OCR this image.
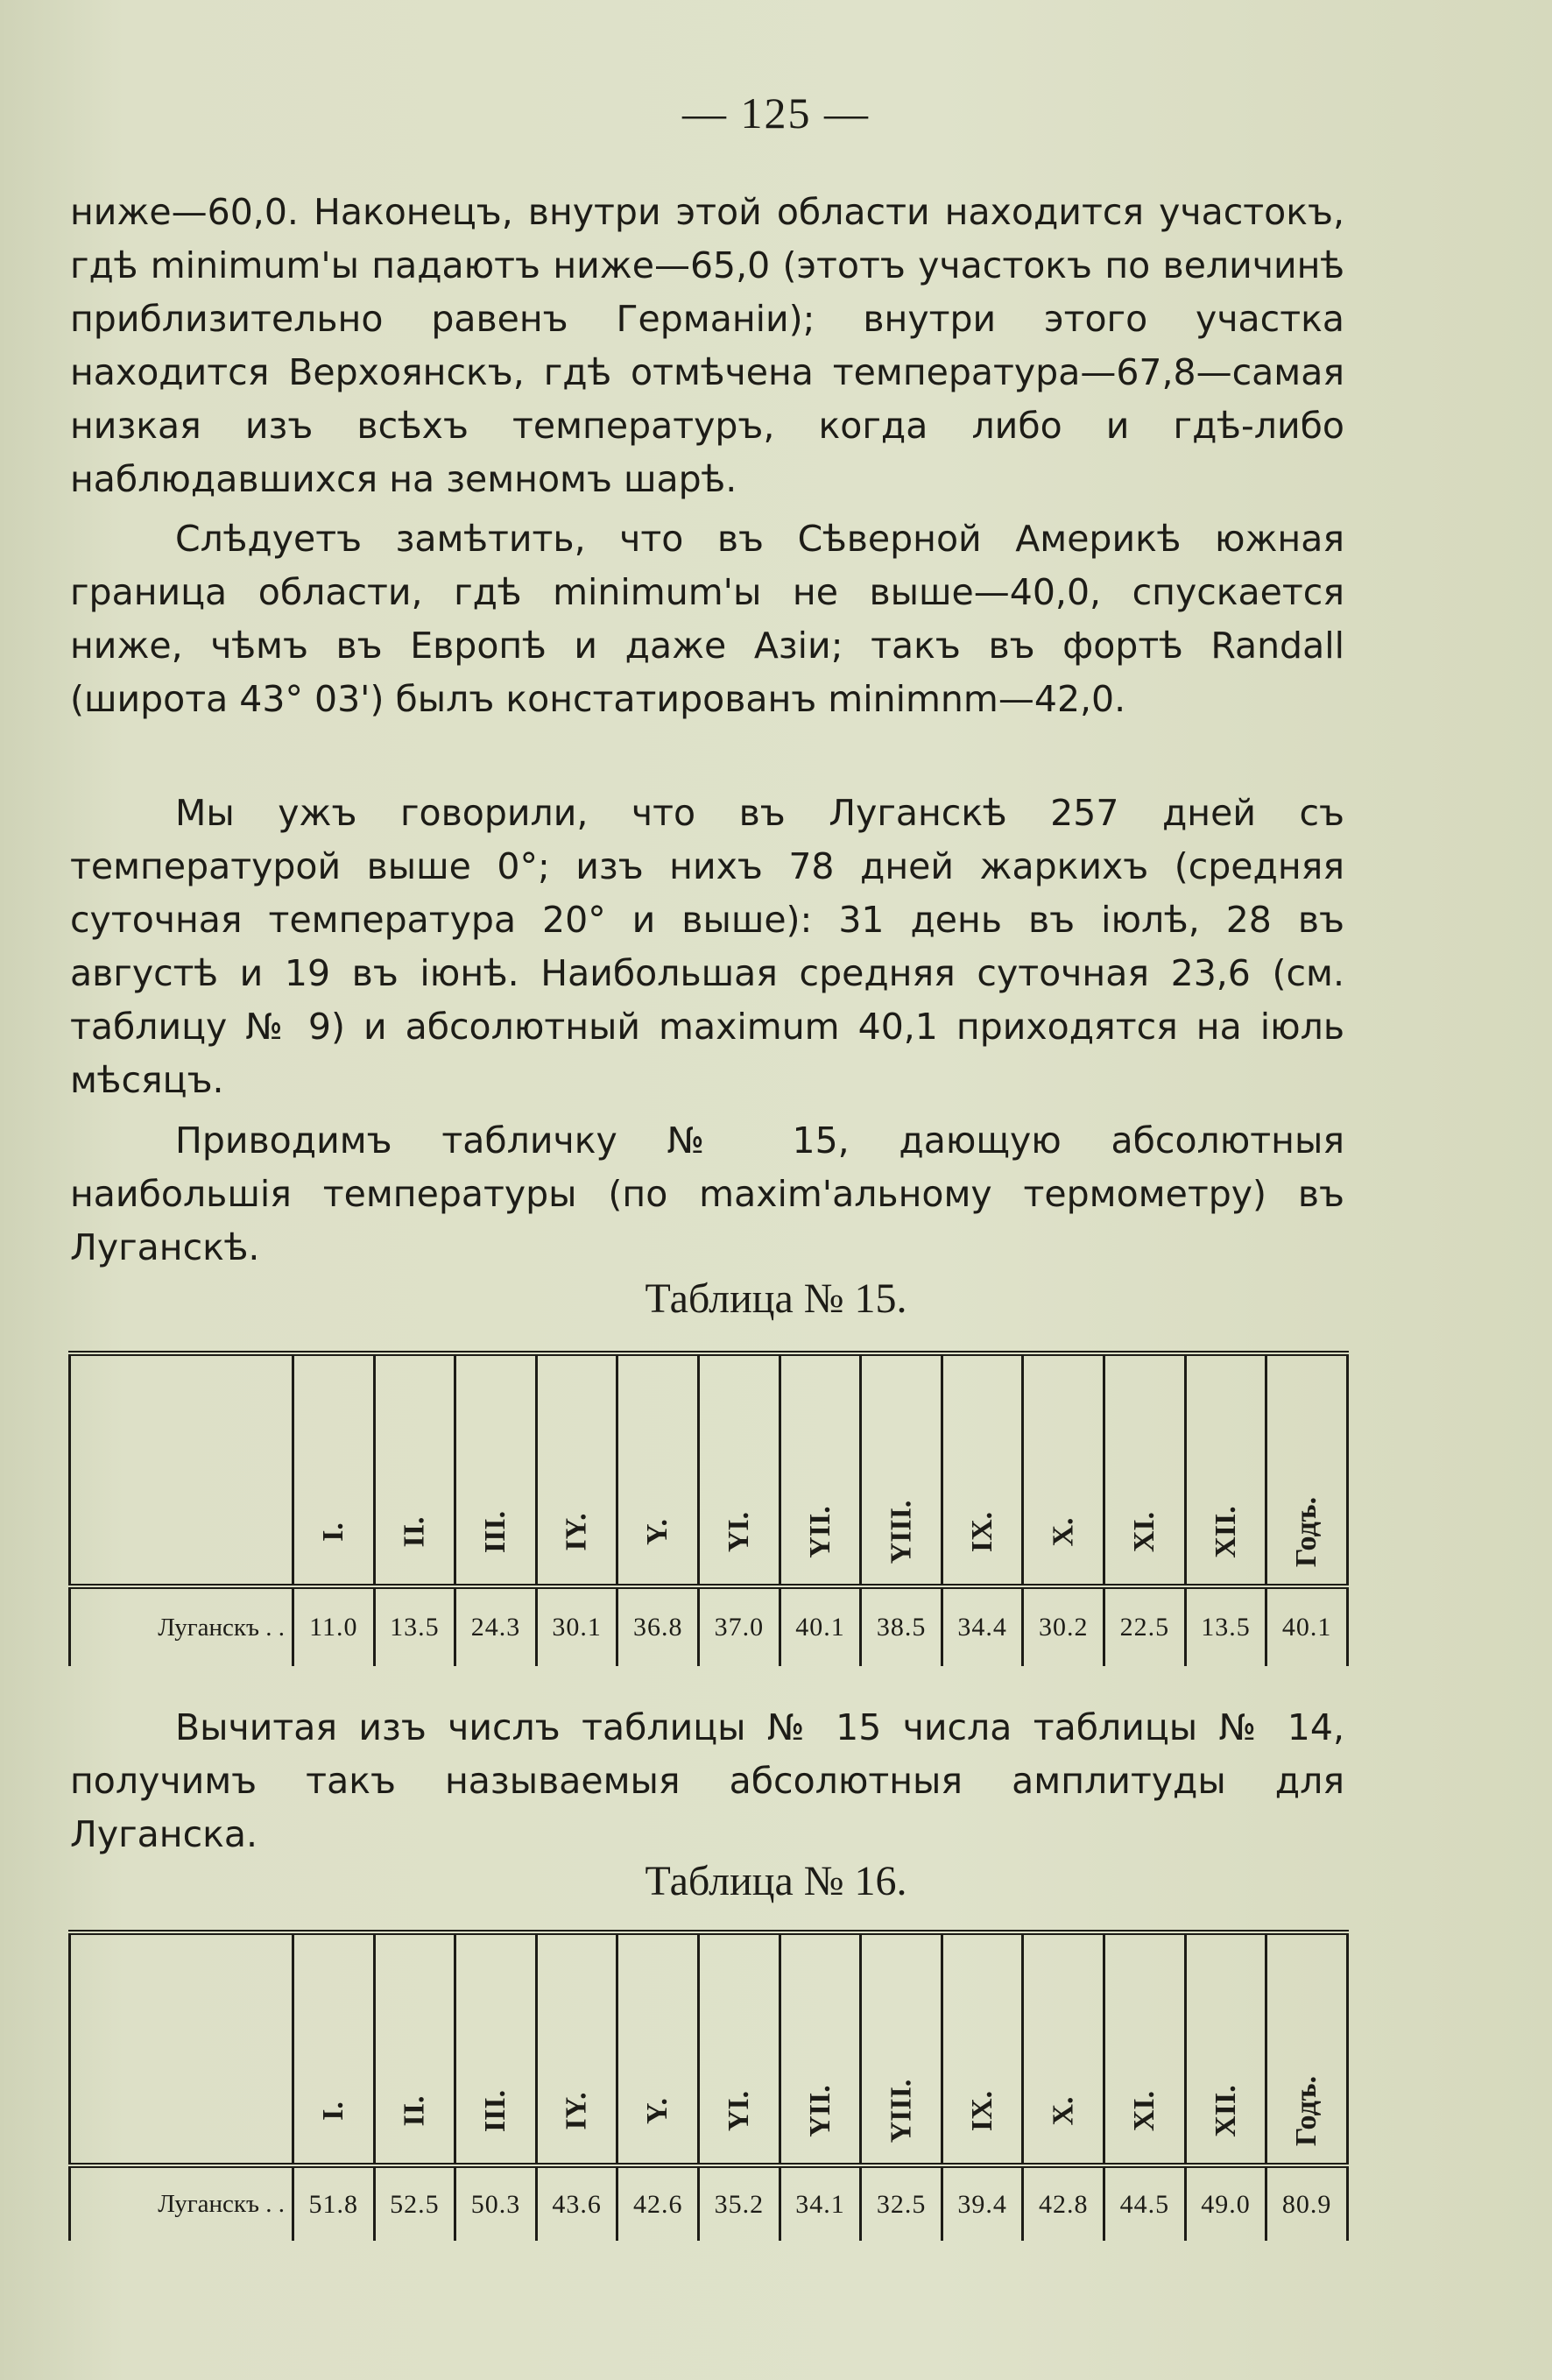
— 125 —

ниже—60,0. Наконецъ, внутри этой области находится участокъ, гдѣ minimum'ы падаютъ ниже—65,0 (этотъ участокъ по величинѣ приблизительно равенъ Германіи); внутри этого участка находится Верхоянскъ, гдѣ отмѣчена температура—67,8—самая низкая изъ всѣхъ температуръ, когда либо и гдѣ-либо наблюдавшихся на земномъ шарѣ.

Слѣдуетъ замѣтить, что въ Сѣверной Америкѣ южная граница области, гдѣ minimum'ы не выше—40,0, спускается ниже, чѣмъ въ Европѣ и даже Азіи; такъ въ фортѣ Randall (широта 43° 03') былъ констатированъ minimnm—42,0.

Мы ужъ говорили, что въ Луганскѣ 257 дней съ температурой выше 0°; изъ нихъ 78 дней жаркихъ (средняя суточная температура 20° и выше): 31 день въ іюлѣ, 28 въ августѣ и 19 въ іюнѣ. Наибольшая средняя суточная 23,6 (см. таблицу № 9) и абсолютный maximum 40,1 приходятся на іюль мѣсяцъ.

Приводимъ табличку № 15, дающую абсолютныя наибольшія температуры (по maxim'альному термометру) въ Луганскѣ.

Таблица № 15.
	I.	II.	III.	IY.	Y.	YI.	YII.	YIII.	IX.	X.	XI.	XII.	Годъ.
Луганскъ . .	11.0	13.5	24.3	30.1	36.8	37.0	40.1	38.5	34.4	30.2	22.5	13.5	40.1

Вычитая изъ числъ таблицы № 15 числа таблицы № 14, получимъ такъ называемыя абсолютныя амплитуды для Луганска.

Таблица № 16.
	I.	II.	III.	IY.	Y.	YI.	YII.	YIII.	IX.	X.	XI.	XII.	Годъ.
Луганскъ . .	51.8	52.5	50.3	43.6	42.6	35.2	34.1	32.5	39.4	42.8	44.5	49.0	80.9
